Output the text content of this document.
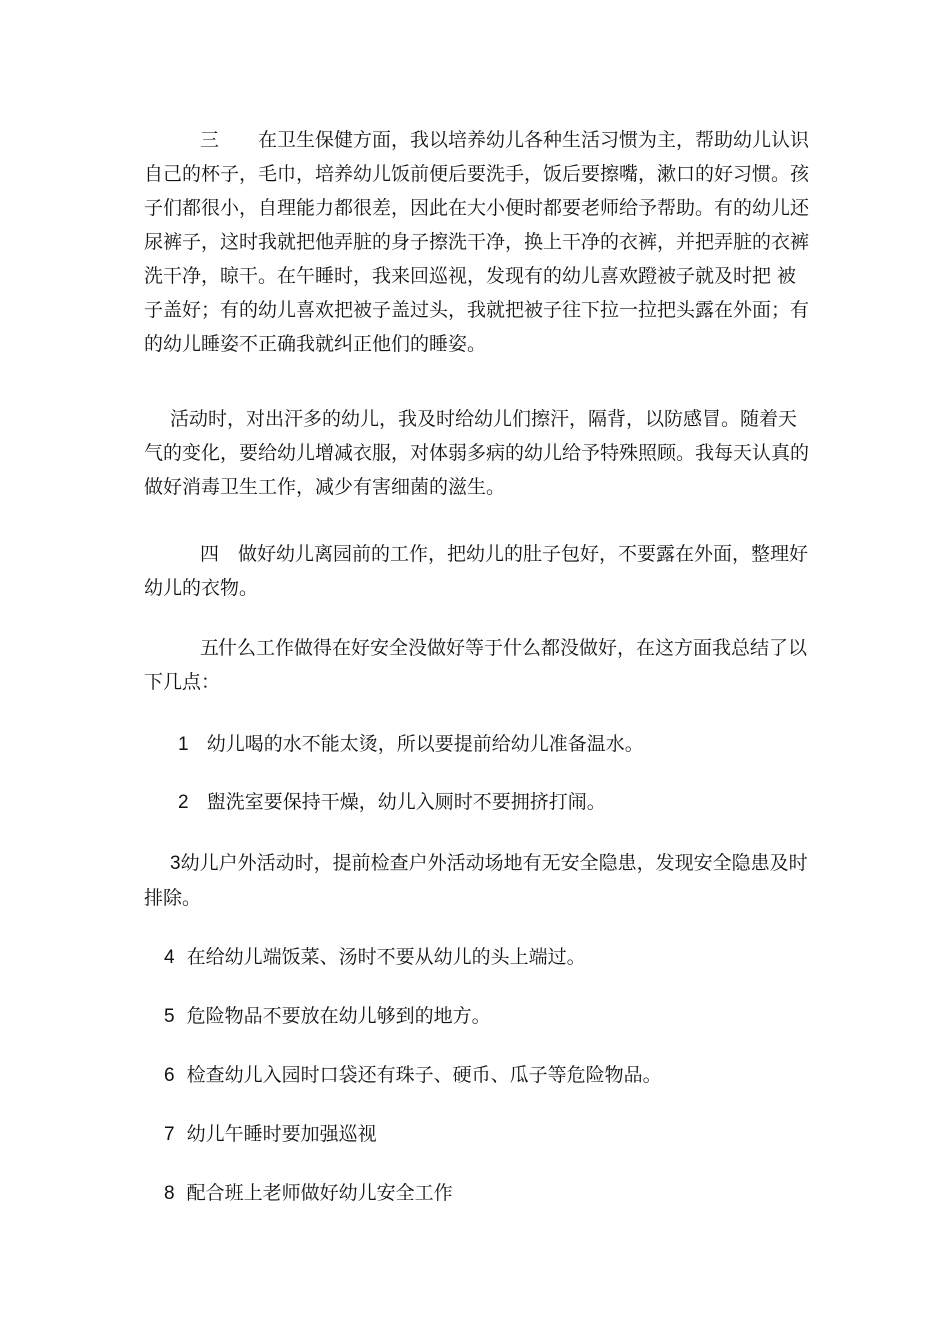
三 在卫生保健方面，我以培养幼儿各种生活习惯为主，帮助幼儿认识自己的杯子，毛巾，培养幼儿饭前便后要洗手，饭后要擦嘴，漱口的好习惯。孩子们都很小，自理能力都很差，因此在大小便时都要老师给予帮助。有的幼儿还尿裤子，这时我就把他弄脏的身子擦洗干净，换上干净的衣裤，并把弄脏的衣裤洗干净，晾干。在午睡时，我来回巡视，发现有的幼儿喜欢蹬被子就及时把 被子盖好；有的幼儿喜欢把被子盖过头，我就把被子往下拉一拉把头露在外面；有的幼儿睡姿不正确我就纠正他们的睡姿。

活动时，对出汗多的幼儿，我及时给幼儿们擦汗，隔背，以防感冒。随着天气的变化，要给幼儿增减衣服，对体弱多病的幼儿给予特殊照顾。我每天认真的做好消毒卫生工作，减少有害细菌的滋生。

四 做好幼儿离园前的工作，把幼儿的肚子包好，不要露在外面，整理好幼儿的衣物。

五什么工作做得在好安全没做好等于什么都没做好，在这方面我总结了以下几点：

1 幼儿喝的水不能太烫，所以要提前给幼儿准备温水。

2 盥洗室要保持干燥，幼儿入厕时不要拥挤打闹。

3幼儿户外活动时，提前检查户外活动场地有无安全隐患，发现安全隐患及时排除。

4 在给幼儿端饭菜、汤时不要从幼儿的头上端过。

5 危险物品不要放在幼儿够到的地方。

6 检查幼儿入园时口袋还有珠子、硬币、瓜子等危险物品。

7 幼儿午睡时要加强巡视

8 配合班上老师做好幼儿安全工作
